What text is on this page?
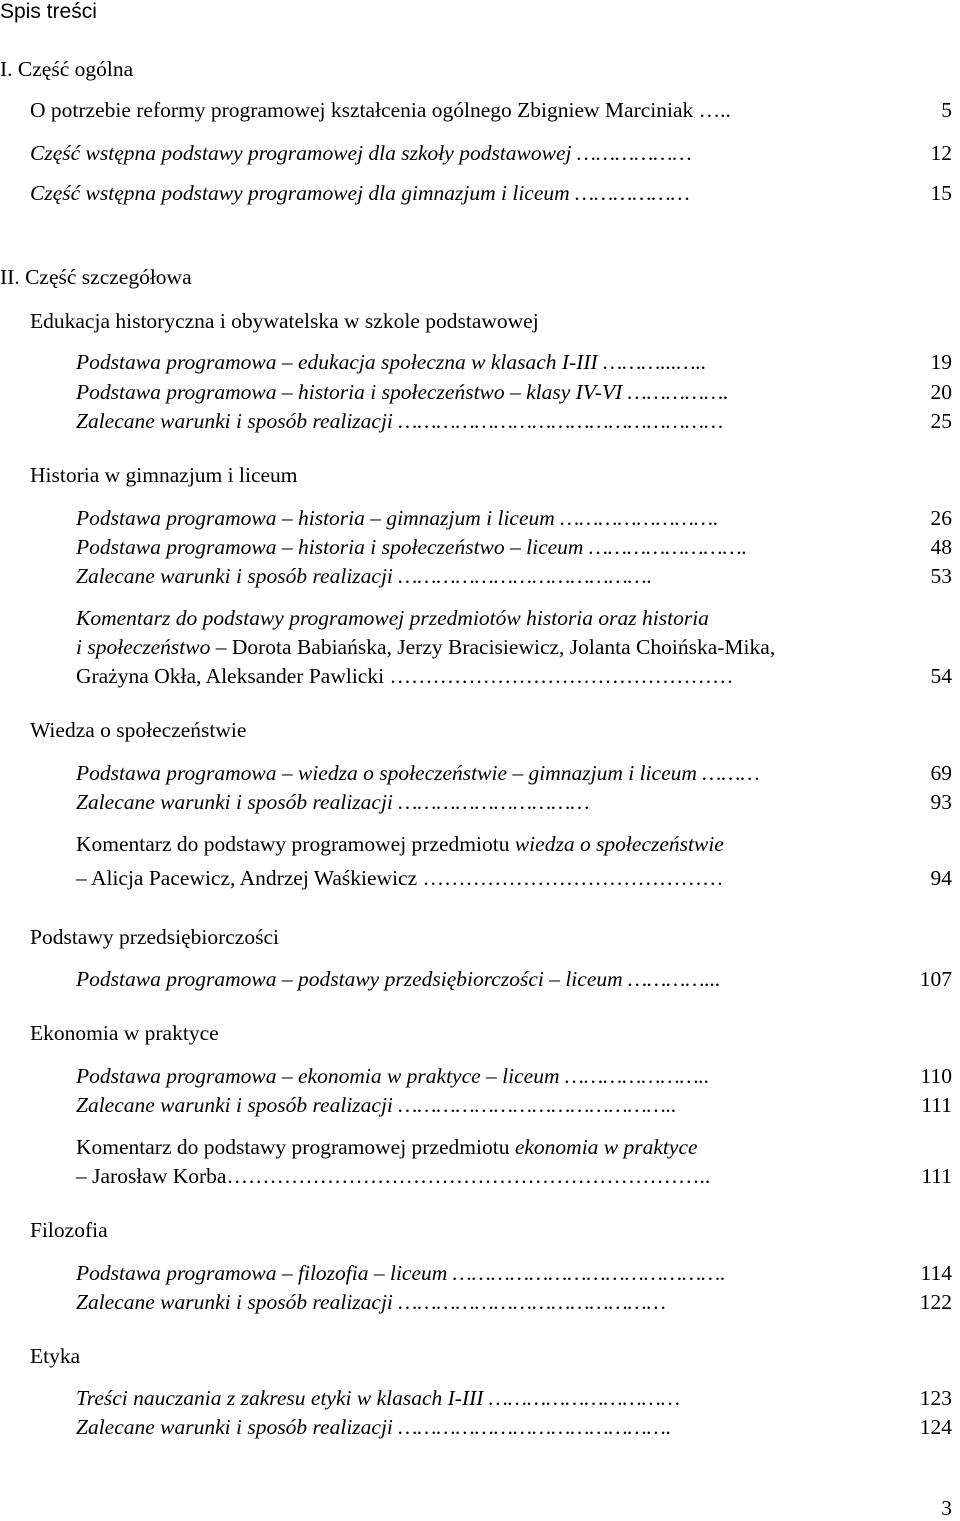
Spis treści
I. Część ogólna
O potrzebie reformy programowej kształcenia ogólnego Zbigniew Marciniak …..	5
Część wstępna podstawy programowej dla szkoły podstawowej ………………	12
Część wstępna podstawy programowej dla gimnazjum i liceum ………………	15
II. Część szczegółowa
Edukacja historyczna i obywatelska w szkole podstawowej
Podstawa programowa – edukacja społeczna w klasach I-III ………...…..	19
Podstawa programowa – historia i społeczeństwo – klasy IV-VI …………….	20
Zalecane warunki i sposób realizacji ……………………………………………	25
Historia w gimnazjum i liceum
Podstawa programowa – historia – gimnazjum i liceum …………………….	26
Podstawa programowa – historia i społeczeństwo – liceum …………………….	48
Zalecane warunki i sposób realizacji ………………………………….	53
Komentarz do podstawy programowej przedmiotów historia oraz historia
i społeczeństwo – Dorota Babiańska, Jerzy Bracisiewicz, Jolanta Choińska-Mika,
Grażyna Okła, Aleksander Pawlicki …………………………………………	54
Wiedza o społeczeństwie
Podstawa programowa – wiedza o społeczeństwie – gimnazjum i liceum ………	69
Zalecane warunki i sposób realizacji …………………………	93
Komentarz do podstawy programowej przedmiotu wiedza o społeczeństwie
– Alicja Pacewicz, Andrzej Waśkiewicz ……………………………………	94
Podstawy przedsiębiorczości
Podstawa programowa – podstawy przedsiębiorczości – liceum …………...	107
Ekonomia w praktyce
Podstawa programowa – ekonomia w praktyce – liceum …………………..	110
Zalecane warunki i sposób realizacji ……………………………………..	111
Komentarz do podstawy programowej przedmiotu ekonomia w praktyce
– Jarosław Korba…………………………………………………………..	111
Filozofia
Podstawa programowa – filozofia – liceum …………………………………….	114
Zalecane warunki i sposób realizacji ……………………………………	122
Etyka
Treści nauczania z zakresu etyki w klasach I-III …………………………	123
Zalecane warunki i sposób realizacji …………………………………….	124
3
